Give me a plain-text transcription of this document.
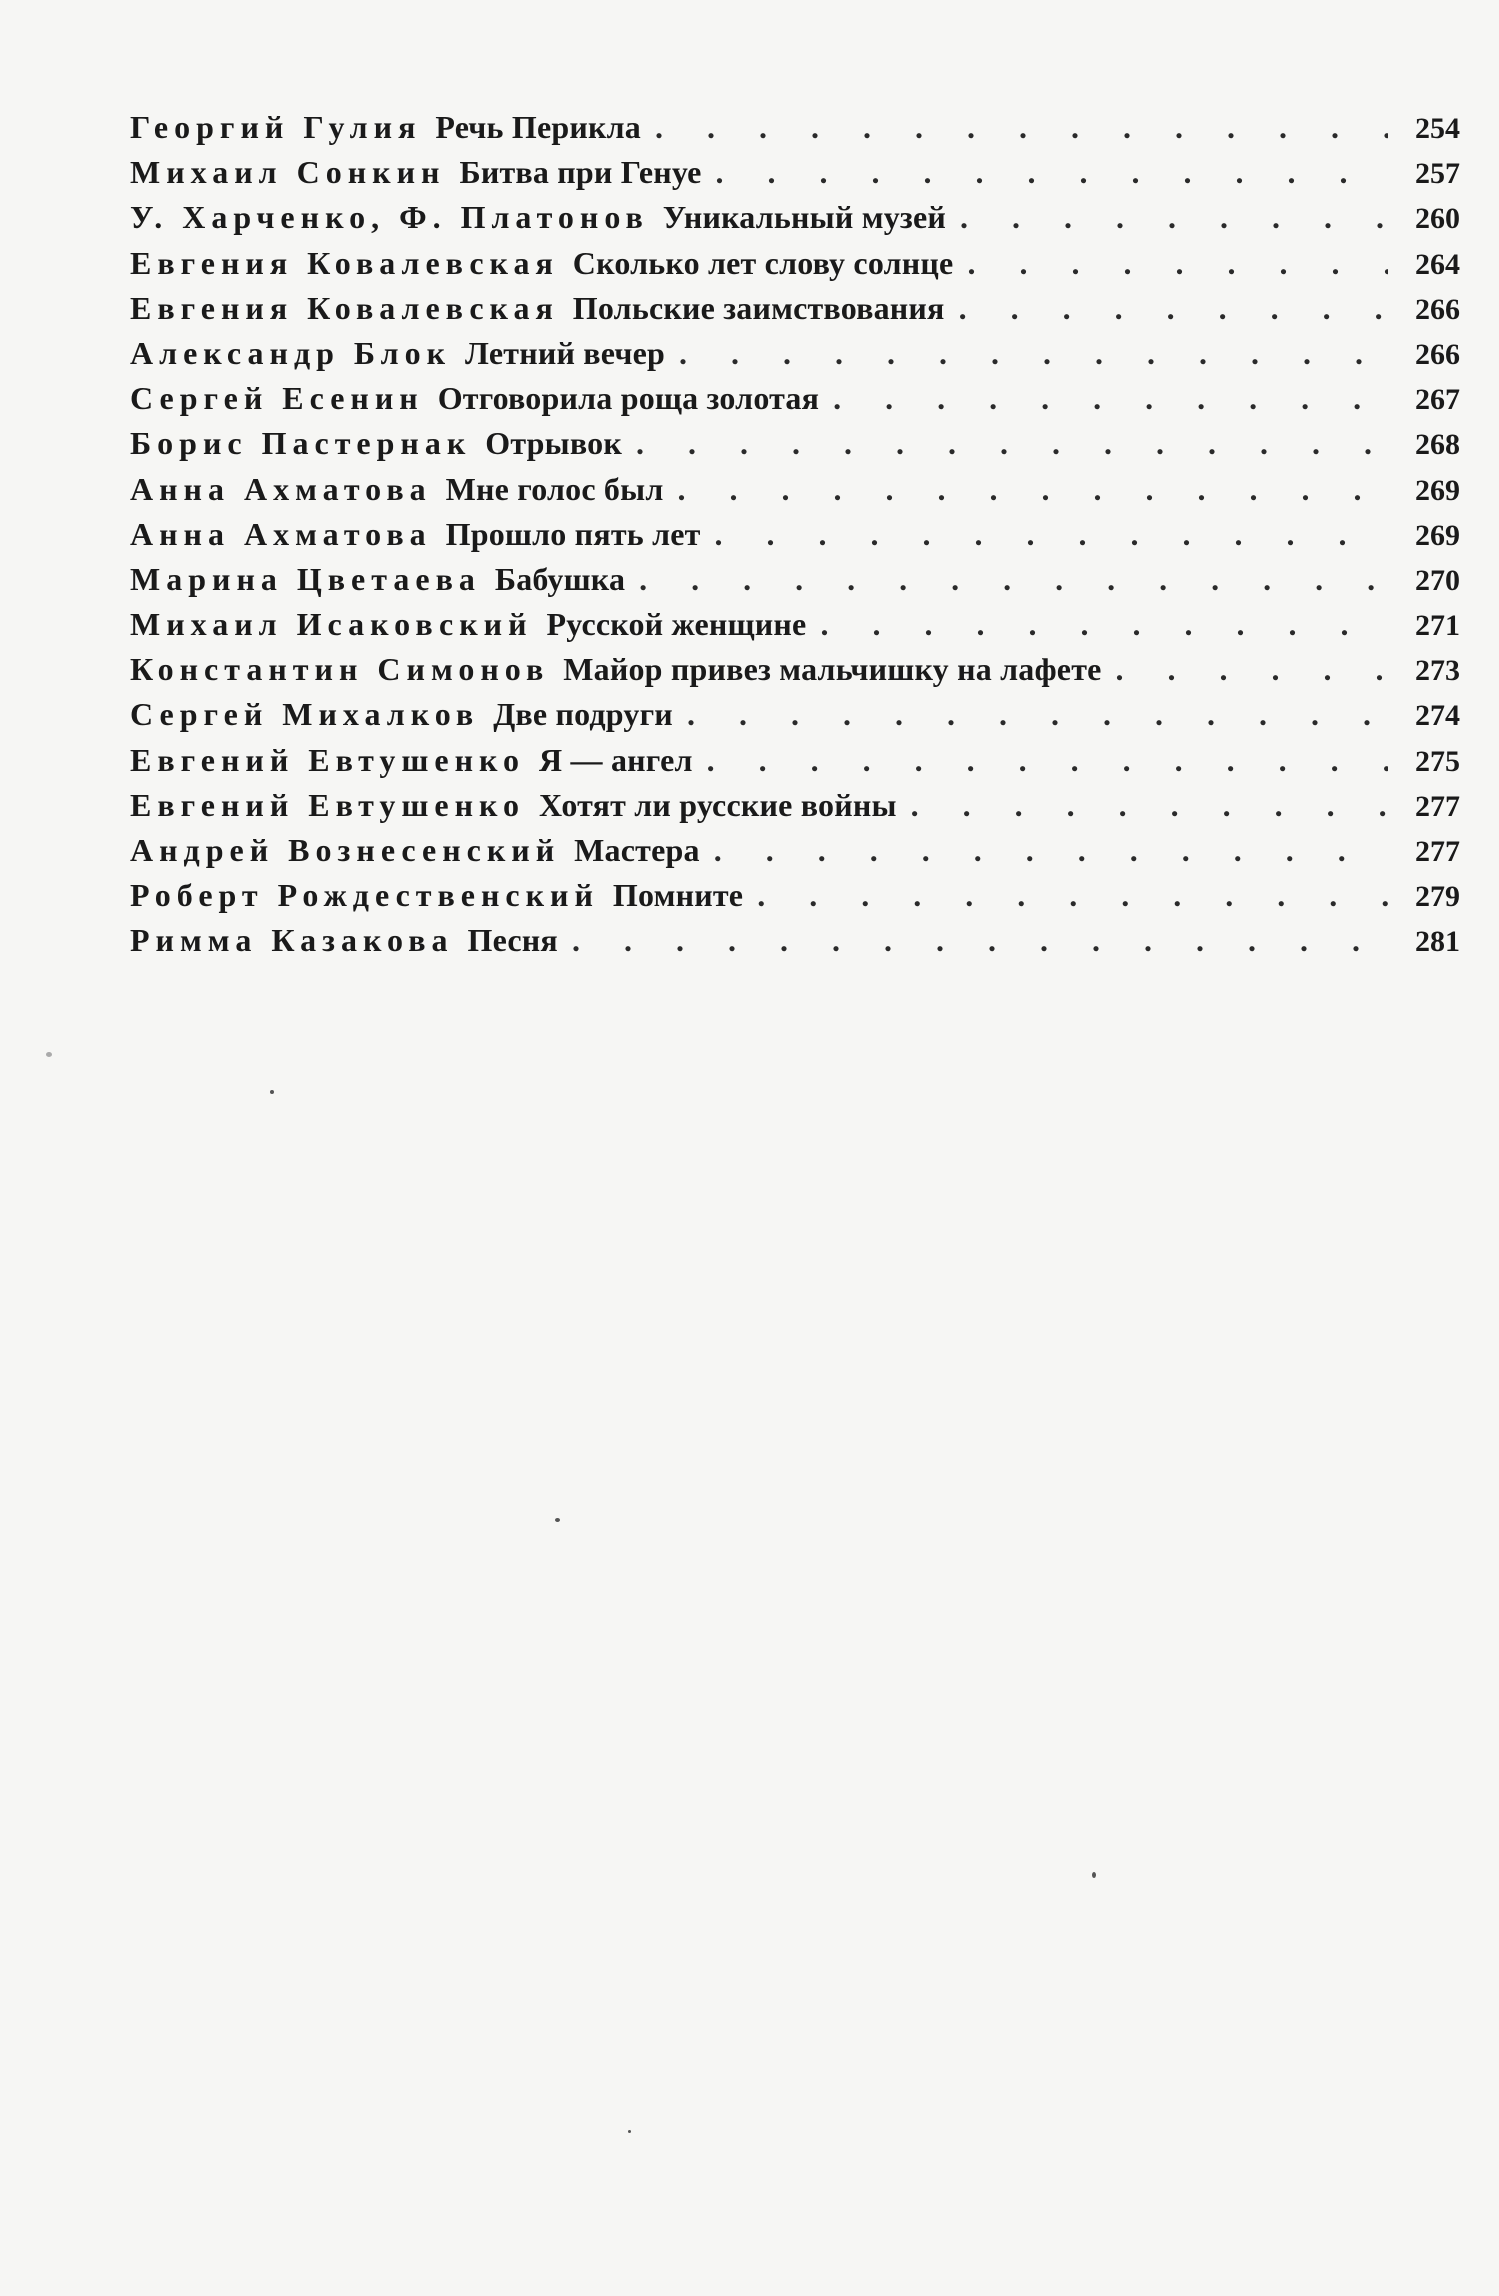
Георгий Гулия Речь Перикла . . .	254
Михаил Сонкин Битва при Генуе . . .	257
У. Харченко, Ф. Платонов Уникальный музей . . .	260
Евгения Ковалевская Сколько лет слову солнце . . .	264
Евгения Ковалевская Польские заимствования . . .	266
Александр Блок Летний вечер . . .	266
Сергей Есенин Отговорила роща золотая . . .	267
Борис Пастернак Отрывок . . .	268
Анна Ахматова Мне голос был . . .	269
Анна Ахматова Прошло пять лет . . .	269
Марина Цветаева Бабушка . . .	270
Михаил Исаковский Русской женщине . . .	271
Константин Симонов Майор привез мальчишку на лафете . . .	273
Сергей Михалков Две подруги . . .	274
Евгений Евтушенко Я — ангел . . .	275
Евгений Евтушенко Хотят ли русские войны . . .	277
Андрей Вознесенский Мастера . . .	277
Роберт Рождественский Помните . . .	279
Римма Казакова Песня . . .	281
